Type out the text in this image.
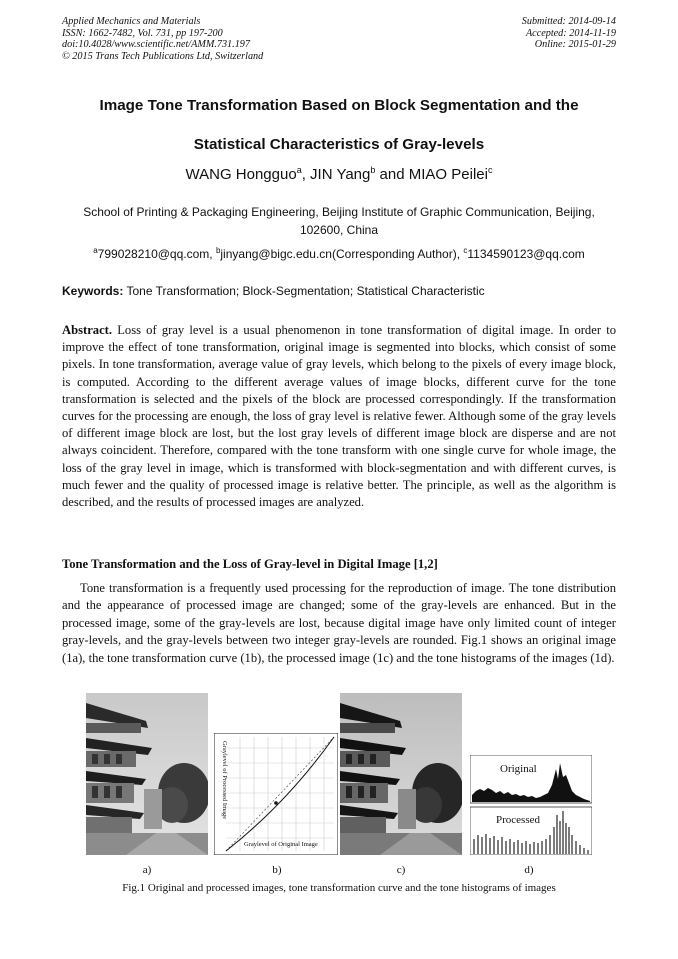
Applied Mechanics and Materials
ISSN: 1662-7482, Vol. 731, pp 197-200
doi:10.4028/www.scientific.net/AMM.731.197
© 2015 Trans Tech Publications Ltd, Switzerland
Submitted: 2014-09-14
Accepted: 2014-11-19
Online: 2015-01-29
Image Tone Transformation Based on Block Segmentation and the
Statistical Characteristics of Gray-levels
WANG Hongguo$^a$, JIN Yang$^b$ and MIAO Peilei$^c$
School of Printing & Packaging Engineering, Beijing Institute of Graphic Communication, Beijing, 102600, China
$^a$799028210@qq.com, $^b$jinyang@bigc.edu.cn(Corresponding Author), $^c$1134590123@qq.com
Keywords: Tone Transformation; Block-Segmentation; Statistical Characteristic
Abstract. Loss of gray level is a usual phenomenon in tone transformation of digital image. In order to improve the effect of tone transformation, original image is segmented into blocks, which consist of some pixels. In tone transformation, average value of gray levels, which belong to the pixels of every image block, is computed. According to the different average values of image blocks, different curve for the tone transformation is selected and the pixels of the block are processed correspondingly. If the transformation curves for the processing are enough, the loss of gray level is relative fewer. Although some of the gray levels of different image block are lost, but the lost gray levels of different image block are disperse and are not always coincident. Therefore, compared with the tone transform with one single curve for whole image, the loss of the gray level in image, which is transformed with block-segmentation and with different curves, is much fewer and the quality of processed image is relative better. The principle, as well as the algorithm is described, and the results of processed images are analyzed.
Tone Transformation and the Loss of Gray-level in Digital Image [1,2]
Tone transformation is a frequently used processing for the reproduction of image. The tone distribution and the appearance of processed image are changed; some of the gray-levels are enhanced. But in the processed image, some of the gray-levels are lost, because digital image have only limited count of integer gray-levels, and the gray-levels between two integer gray-levels are rounded. Fig.1 shows an original image (1a), the tone transformation curve (1b), the processed image (1c) and the tone histograms of the images (1d).
Graylevel of Processed Image
Graylevel of Original Image
Original
Processed
a)	b)	c)	d)
Fig.1 Original and processed images, tone transformation curve and the tone histograms of images
